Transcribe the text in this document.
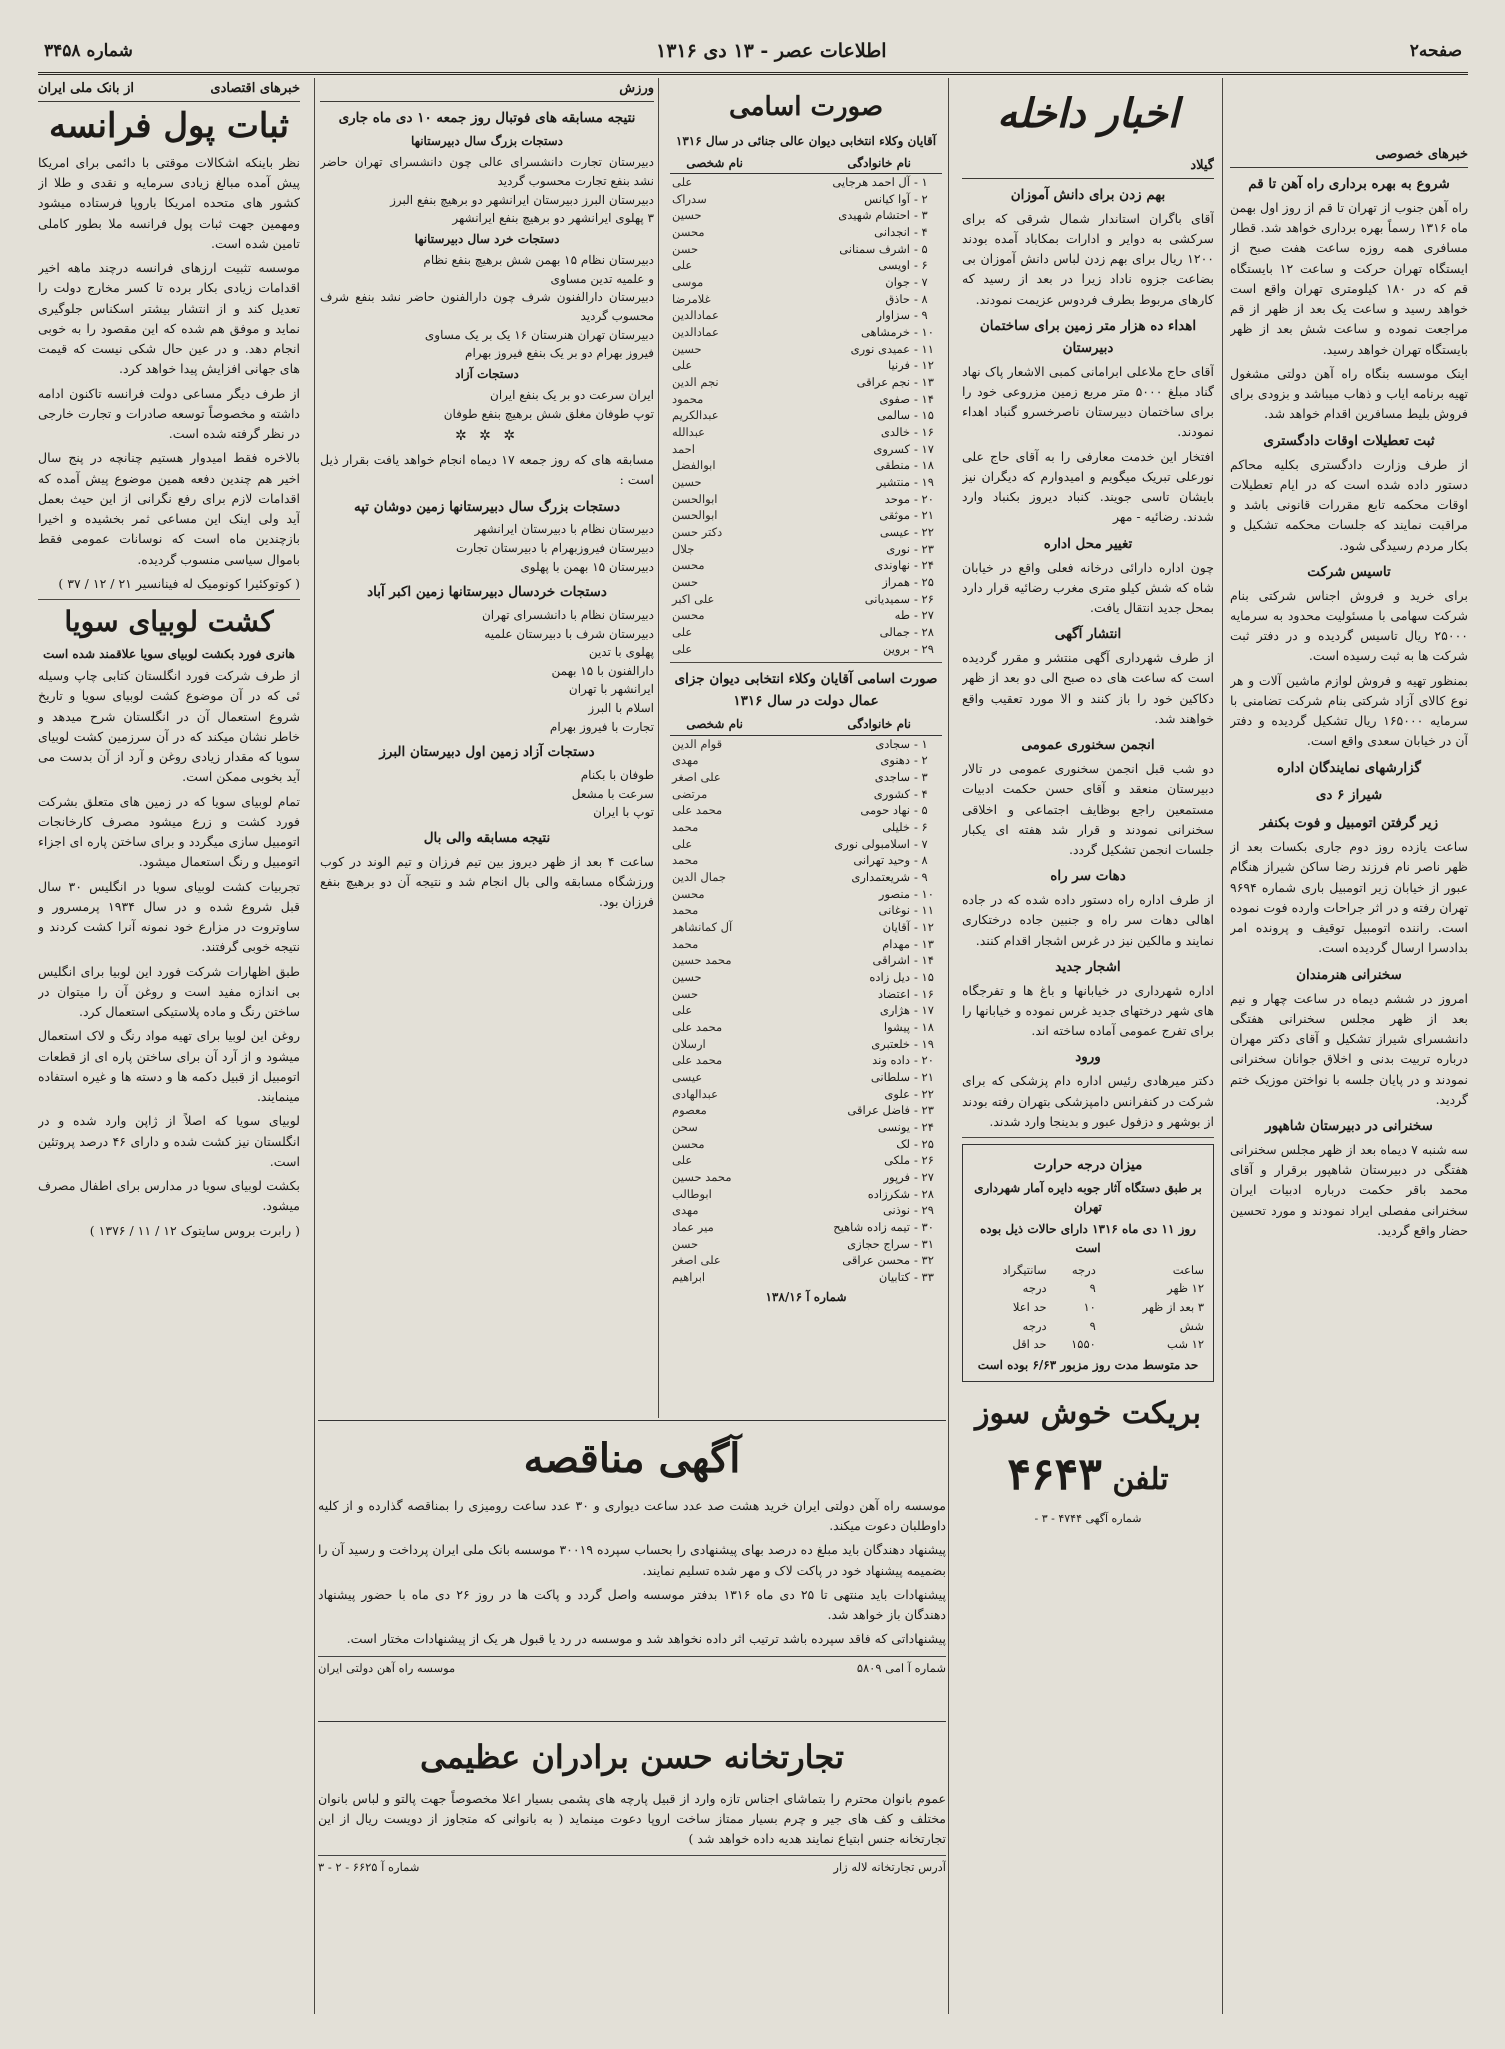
صفحه۲
اطلاعات عصر - ۱۳ دی ۱۳۱۶
شماره ۳۴۵۸
خبرهای خصوصی
شروع به بهره برداری راه آهن تا قم

راه آهن جنوب از تهران تا قم از روز اول بهمن ماه ۱۳۱۶ رسماً بهره برداری خواهد شد. قطار مسافری همه روزه ساعت هفت صبح از ایستگاه تهران حرکت و ساعت ۱۲ بایستگاه قم که در ۱۸۰ کیلومتری تهران واقع است خواهد رسید و ساعت یک بعد از ظهر از قم مراجعت نموده و ساعت شش بعد از ظهر بایستگاه تهران خواهد رسید.

اینک موسسه بنگاه راه آهن دولتی مشغول تهیه برنامه ایاب و ذهاب میباشد و بزودی برای فروش بلیط مسافرین اقدام خواهد شد.

ثبت تعطیلات اوقات دادگستری

از طرف وزارت دادگستری بکلیه محاکم دستور داده شده است که در ایام تعطیلات اوقات محکمه تابع مقررات قانونی باشد و مراقبت نمایند که جلسات محکمه تشکیل و بکار مردم رسیدگی شود.

تاسیس شرکت

برای خرید و فروش اجناس شرکتی بنام شرکت سهامی با مسئولیت محدود به سرمایه ۲۵۰۰۰ ریال تاسیس گردیده و در دفتر ثبت شرکت ها به ثبت رسیده است.

بمنظور تهیه و فروش لوازم ماشین آلات و هر نوع کالای آزاد شرکتی بنام شرکت تضامنی با سرمایه ۱۶۵۰۰۰ ریال تشکیل گردیده و دفتر آن در خیابان سعدی واقع است.

گزارشهای نمایندگان اداره
شیراز ۶ دی
زیر گرفتن اتومبیل و فوت بکنفر

ساعت یازده روز دوم جاری بکسات بعد از ظهر ناصر نام فرزند رضا ساکن شیراز هنگام عبور از خیابان زیر اتومبیل باری شماره ۹۶۹۴ تهران رفته و در اثر جراحات وارده فوت نموده است. راننده اتومبیل توقیف و پرونده امر بدادسرا ارسال گردیده است.

سخنرانی هنرمندان

امروز در ششم دیماه در ساعت چهار و نیم بعد از ظهر مجلس سخنرانی هفتگی دانشسرای شیراز تشکیل و آقای دکتر مهران درباره تربیت بدنی و اخلاق جوانان سخنرانی نمودند و در پایان جلسه با نواختن موزیک ختم گردید.

سخنرانی در دبیرستان شاهپور

سه شنبه ۷ دیماه بعد از ظهر مجلس سخنرانی هفتگی در دبیرستان شاهپور برقرار و آقای محمد باقر حکمت درباره ادبیات ایران سخنرانی مفصلی ایراد نمودند و مورد تحسین حضار واقع گردید.

اخبار داخله
گیلاد
بهم زدن برای دانش آموزان

آقای باگران استاندار شمال شرقی که برای سرکشی به دوایر و ادارات بمکاباد آمده بودند ۱۲۰۰ ریال برای بهم زدن لباس دانش آموزان بی بضاعت جزوه ناداد زیرا در بعد از رسید که کارهای مربوط بطرف فردوس عزیمت نمودند.

اهداء ده هزار متر زمین برای ساختمان دبیرستان

آقای حاج ملاعلی ابرامانی کمبی الاشعار پاک نهاد گناد مبلغ ۵۰۰۰ متر مربع زمین مزروعی خود را برای ساختمان دبیرستان ناصرخسرو گنباد اهداء نمودند.

افتخار این خدمت معارفی را به آقای حاج علی نورعلی تبریک میگویم و امیدوارم که دیگران نیز بایشان تاسی جویند. کنباد دیروز بکنباد وارد شدند. رضائیه - مهر

تغییر محل اداره

چون اداره دارائی درخانه فعلی واقع در خیابان شاه که شش کیلو متری مغرب رضائیه قرار دارد بمحل جدید انتقال یافت.

انتشار آگهی

از طرف شهرداری آگهی منتشر و مقرر گردیده است که ساعت های ده صبح الی دو بعد از ظهر دکاکین خود را باز کنند و الا مورد تعقیب واقع خواهند شد.

انجمن سخنوری عمومی

دو شب قبل انجمن سخنوری عمومی در تالار دبیرستان منعقد و آقای حسن حکمت ادبیات مستمعین راجع بوظایف اجتماعی و اخلاقی سخنرانی نمودند و قرار شد هفته ای یکبار جلسات انجمن تشکیل گردد.

دهات سر راه

از طرف اداره راه دستور داده شده که در جاده اهالی دهات سر راه و جنبین جاده درختکاری نمایند و مالکین نیز در غرس اشجار اقدام کنند.

اشجار جدید

اداره شهرداری در خیابانها و باغ ها و تفرجگاه های شهر درختهای جدید غرس نموده و خیابانها را برای تفرج عمومی آماده ساخته اند.

ورود

دکتر میرهادی رئیس اداره دام پزشکی که برای شرکت در کنفرانس دامپزشکی بتهران رفته بودند از بوشهر و دزفول عبور و بدینجا وارد شدند.

میزان درجه حرارت
بر طبق دستگاه آثار جوبه دایره آمار شهرداری تهران
روز ۱۱ دی ماه ۱۳۱۶ دارای حالات ذیل بوده است
ساعت	درجه	سانتیگراد
۱۲ ظهر	۹	درجه
۳ بعد از ظهر	۱۰	حد اعلا
شش	۹	درجه
۱۲ شب	۱۵۵۰	حد اقل
حد متوسط مدت روز مزبور ۶/۶۳ بوده است
بریکت خوش سوز
تلفن ۴۶۴۳
شماره آگهی ۴۷۴۴ - ۳ -
صورت اسامی
آقایان وکلاء انتخابی دیوان عالی جنائی در سال ۱۳۱۶
	نام خانوادگی	نام شخصی
۱ -	آل احمد هرجایی	علی
۲ -	آوا کیانس	سدراک
۳ -	احتشام شهیدی	حسین
۴ -	انجدانی	محسن
۵ -	اشرف سمنانی	حسن
۶ -	اویسی	علی
۷ -	جوان	موسی
۸ -	حاذق	غلامرضا
۹ -	سزاوار	عمادالدین
۱۰ -	خرمشاهی	عمادالدین
۱۱ -	عمیدی نوری	حسین
۱۲ -	فرنیا	علی
۱۳ -	نجم عراقی	نجم الدین
۱۴ -	صفوی	محمود
۱۵ -	سالمی	عبدالکریم
۱۶ -	خالدی	عبدالله
۱۷ -	کسروی	احمد
۱۸ -	منطقی	ابوالفضل
۱۹ -	منتشیر	حسین
۲۰ -	موحد	ابوالحسن
۲۱ -	موثقی	ابوالحسن
۲۲ -	عیسی	دکتر حسن
۲۳ -	نوری	جلال
۲۴ -	نهاوندی	محسن
۲۵ -	همراز	حسن
۲۶ -	سمیدیانی	علی اکبر
۲۷ -	طه	محسن
۲۸ -	جمالی	علی
۲۹ -	بروین	علی
صورت اسامی آقایان وکلاء انتخابی دیوان جزای عمال دولت در سال ۱۳۱۶
	نام خانوادگی	نام شخصی
۱ -	سجادی	قوام الدین
۲ -	دهنوی	مهدی
۳ -	ساجدی	علی اصغر
۴ -	کشوری	مرتضی
۵ -	نهاد حومی	محمد علی
۶ -	خلیلی	محمد
۷ -	اسلامبولی نوری	علی
۸ -	وحید تهرانی	محمد
۹ -	شریعتمداری	جمال الدین
۱۰ -	منصور	محسن
۱۱ -	نوغانی	محمد
۱۲ -	آقایان	آل کمانشاهر
۱۳ -	مهدام	محمد
۱۴ -	اشراقی	محمد حسین
۱۵ -	دیل زاده	حسین
۱۶ -	اعتضاد	حسن
۱۷ -	هژاری	علی
۱۸ -	پیشوا	محمد علی
۱۹ -	خلعتبری	ارسلان
۲۰ -	داده وند	محمد علی
۲۱ -	سلطانی	عیسی
۲۲ -	علوی	عبدالهادی
۲۳ -	فاضل عراقی	معصوم
۲۴ -	یونسی	سحن
۲۵ -	لک	محسن
۲۶ -	ملکی	علی
۲۷ -	فرپور	محمد حسین
۲۸ -	شکرزاده	ابوطالب
۲۹ -	نوذنی	مهدی
۳۰ -	تیمه زاده شاهیح	میر عماد
۳۱ -	سراج حجازی	حسن
۳۲ -	محسن عراقی	علی اصغر
۳۳ -	کتابیان	ابراهیم
شماره آ ۱۳۸/۱۶
ورزش
نتیجه مسابقه های فوتبال روز جمعه ۱۰ دی ماه جاری
دستجات بزرگ سال دبیرستانها
دبیرستان تجارت دانشسرای عالی چون دانشسرای تهران حاضر نشد بنفع تجارت محسوب گردید
دبیرستان البرز دبیرستان ایرانشهر دو برهیچ بنفع البرز
۳ پهلوی ایرانشهر دو برهیچ بنفع ایرانشهر
دستجات خرد سال دبیرستانها
دبیرستان نظام ۱۵ بهمن شش برهیچ بنفع نظام
و علمیه تدین مساوی
دبیرستان دارالفنون شرف چون دارالفنون حاضر نشد بنفع شرف محسوب گردید
دبیرستان تهران هنرستان ۱۶ یک بر یک مساوی
فیروز بهرام دو بر یک بنفع فیروز بهرام
دستجات آزاد
ایران سرعت دو بر یک بنفع ایران
توپ طوفان مغلق شش برهیچ بنفع طوفان
✲ ✲ ✲

مسابقه های که روز جمعه ۱۷ دیماه انجام خواهد یافت بقرار ذیل است :

دستجات بزرگ سال دبیرستانها زمین دوشان تپه
دبیرستان نظام با دبیرستان ایرانشهر
دبیرستان فیروزبهرام با دبیرستان تجارت
دبیرستان ۱۵ بهمن با پهلوی
دستجات خردسال دبیرستانها زمین اکبر آباد
دبیرستان نظام با دانشسرای تهران
دبیرستان شرف با دبیرستان علمیه
پهلوی با تدین
دارالفنون با ۱۵ بهمن
ایرانشهر با تهران
اسلام با البرز
تجارت با فیروز بهرام
دستجات آزاد زمین اول دبیرستان البرز
طوفان با بکنام
سرعت با مشعل
توپ با ایران
نتیجه مسابقه والی بال

ساعت ۴ بعد از ظهر دیروز بین تیم فرزان و تیم الوند در کوب ورزشگاه مسابقه والی بال انجام شد و نتیجه آن دو برهیچ بنفع فرزان بود.

آگهی مناقصه

موسسه راه آهن دولتی ایران خرید هشت صد عدد ساعت دیواری و ۳۰ عدد ساعت رومیزی را بمناقصه گذارده و از کلیه داوطلبان دعوت میکند.

پیشنهاد دهندگان باید مبلغ ده درصد بهای پیشنهادی را بحساب سپرده ۳۰۰۱۹ موسسه بانک ملی ایران پرداخت و رسید آن را بضمیمه پیشنهاد خود در پاکت لاک و مهر شده تسلیم نمایند.

پیشنهادات باید منتهی تا ۲۵ دی ماه ۱۳۱۶ بدفتر موسسه واصل گردد و پاکت ها در روز ۲۶ دی ماه با حضور پیشنهاد دهندگان باز خواهد شد.

پیشنهاداتی که فاقد سپرده باشد ترتیب اثر داده نخواهد شد و موسسه در رد یا قبول هر یک از پیشنهادات مختار است.

شماره آ امی ۵۸۰۹
موسسه راه آهن دولتی ایران
تجارتخانه حسن برادران عظیمی

عموم بانوان محترم را بتماشای اجناس تازه وارد از قبیل پارچه های پشمی بسیار اعلا مخصوصاً جهت پالتو و لباس بانوان مختلف و کف های جیر و چرم بسیار ممتاز ساخت اروپا دعوت مینماید ( به بانوانی که متجاوز از دویست ریال از این تجارتخانه جنس ابتیاع نمایند هدیه داده خواهد شد )

آدرس تجارتخانه لاله زار
شماره آ ۶۶۲۵ - ۲ - ۳
خبرهای اقتصادی
از بانک ملی ایران
ثبات پول فرانسه

نظر باینکه اشکالات موقتی با دائمی برای امریکا پیش آمده مبالغ زیادی سرمایه و نقدی و طلا از کشور های متحده امریکا باروپا فرستاده میشود ومهمین جهت ثبات پول فرانسه ملا بطور کاملی تامین شده است.

موسسه تثبیت ارزهای فرانسه درچند ماهه اخیر اقدامات زیادی بکار برده تا کسر مخارج دولت را تعدیل کند و از انتشار بیشتر اسکناس جلوگیری نماید و موفق هم شده که این مقصود را به خوبی انجام دهد. و در عین حال شکی نیست که قیمت های جهانی افزایش پیدا خواهد کرد.

از طرف دیگر مساعی دولت فرانسه تاکنون ادامه داشته و مخصوصاً توسعه صادرات و تجارت خارجی در نظر گرفته شده است.

بالاخره فقط امیدوار هستیم چنانچه در پنج سال اخیر هم چندین دفعه همین موضوع پیش آمده که اقدامات لازم برای رفع نگرانی از این حیث بعمل آید ولی اینک این مساعی ثمر بخشیده و اخیرا بازچندین ماه است که نوسانات عمومی فقط باموال سیاسی منسوب گردیده.

( کوتوکئیرا کونومیک له فینانسیر ۲۱ / ۱۲ / ۳۷ )

کشت لوبیای سویا
هانری فورد بکشت لوبیای سویا علاقمند شده است

از طرف شرکت فورد انگلستان کتابی چاپ وسیله ئی که در آن موضوع کشت لوبیای سویا و تاریخ شروع استعمال آن در انگلستان شرح میدهد و خاطر نشان میکند که در آن سرزمین کشت لوبیای سویا که مقدار زیادی روغن و آرد از آن بدست می آید بخوبی ممکن است.

تمام لوبیای سویا که در زمین های متعلق بشرکت فورد کشت و زرع میشود مصرف کارخانجات اتومبیل سازی میگردد و برای ساختن پاره ای اجزاء اتومبیل و رنگ استعمال میشود.

تجربیات کشت لوبیای سویا در انگلیس ۳۰ سال قبل شروع شده و در سال ۱۹۳۴ پرمسرور و ساوتروت در مزارع خود نمونه آنرا کشت کردند و نتیجه خوبی گرفتند.

طبق اظهارات شرکت فورد این لوبیا برای انگلیس بی اندازه مفید است و روغن آن را میتوان در ساختن رنگ و ماده پلاستیکی استعمال کرد.

روغن این لوبیا برای تهیه مواد رنگ و لاک استعمال میشود و از آرد آن برای ساختن پاره ای از قطعات اتومبیل از قبیل دکمه ها و دسته ها و غیره استفاده مینمایند.

لوبیای سویا که اصلاً از ژاپن وارد شده و در انگلستان نیز کشت شده و دارای ۴۶ درصد پروتئین است.

بکشت لوبیای سویا در مدارس برای اطفال مصرف میشود.

( رابرت بروس سایتوک ۱۲ / ۱۱ / ۱۳۷۶ )
